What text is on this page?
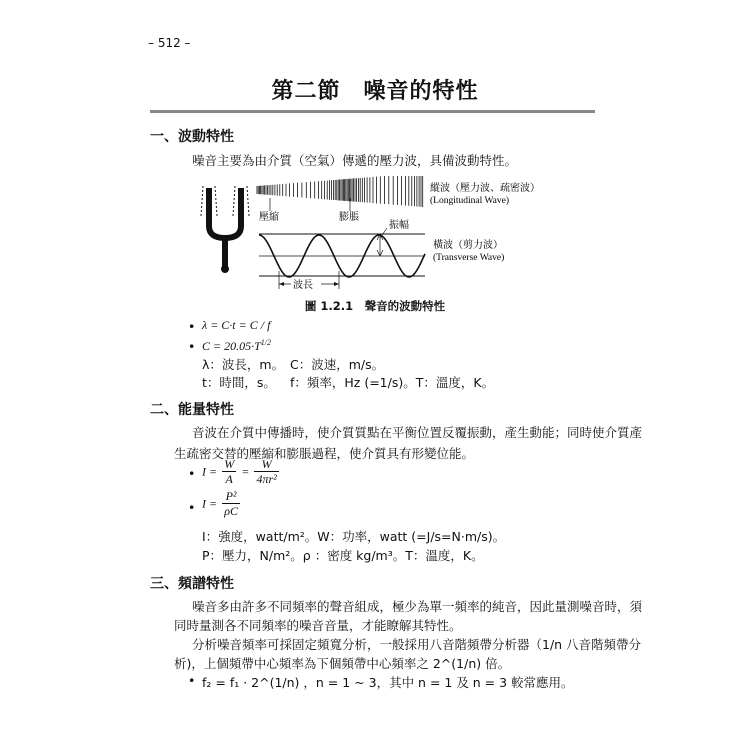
– 512 –
第二節　噪音的特性
一、波動特性
噪音主要為由介質（空氣）傳遞的壓力波，具備波動特性。
壓縮	膨脹
縱波（壓力波、疏密波）
(Longitudinal Wave)
振幅
波長
橫波（剪力波）
(Transverse Wave)
圖 1.2.1　聲音的波動特性
• λ = C·t = C / f
• $C = 20.05\cdot T^{1/2}$
λ：波長，m。 C：波速，m/s。
t：時間，s。 f：頻率，Hz (=1/s)。T：溫度，K。
二、能量特性
音波在介質中傳播時，使介質質點在平衡位置反覆振動，產生動能；同時使介質產
生疏密交替的壓縮和膨脹過程，使介質具有形變位能。
• $I = \frac{W}{A} = \frac{W}{\text{4πr²}}$
• $I = \frac{\text{P²}}{\rho C}$
I：強度，watt/m²。W：功率，watt (=J/s=N·m/s)。
P：壓力，N/m²。ρ ：密度 kg/m³。T：溫度，K。
三、頻譜特性
噪音多由許多不同頻率的聲音組成，極少為單一頻率的純音，因此量測噪音時，須
同時量測各不同頻率的噪音音量，才能瞭解其特性。
分析噪音頻率可採固定頻寬分析，一般採用八音階頻帶分析器（1/n 八音階頻帶分
析)，上個頻帶中心頻率為下個頻帶中心頻率之 2^(1/n) 倍。
• f₂ = f₁ · 2^(1/n) ，n = 1 ~ 3，其中 n = 1 及 n = 3 較常應用。
